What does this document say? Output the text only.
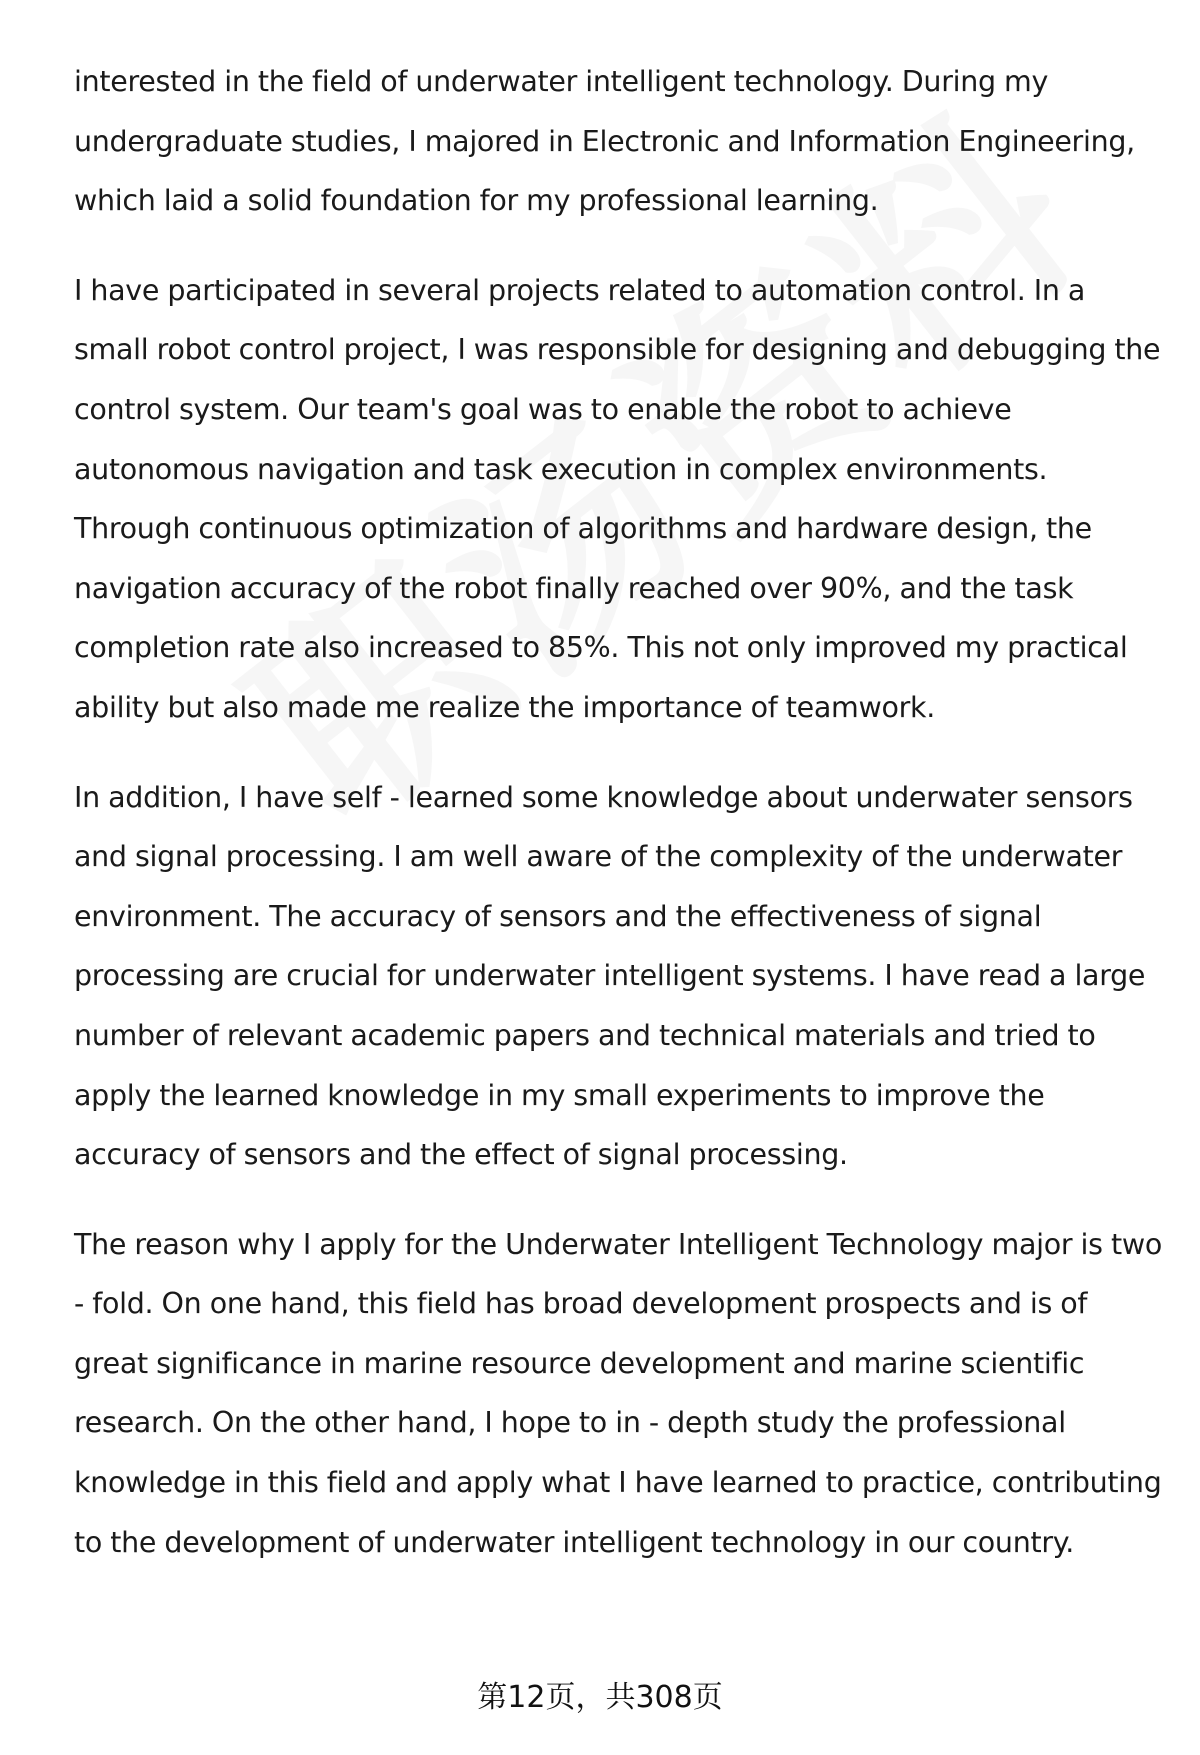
interested in the field of underwater intelligent technology. During my undergraduate studies, I majored in Electronic and Information Engineering, which laid a solid foundation for my professional learning.

I have participated in several projects related to automation control. In a small robot control project, I was responsible for designing and debugging the control system. Our team's goal was to enable the robot to achieve autonomous navigation and task execution in complex environments. Through continuous optimization of algorithms and hardware design, the navigation accuracy of the robot finally reached over 90%, and the task completion rate also increased to 85%. This not only improved my practical ability but also made me realize the importance of teamwork.

In addition, I have self - learned some knowledge about underwater sensors and signal processing. I am well aware of the complexity of the underwater environment. The accuracy of sensors and the effectiveness of signal processing are crucial for underwater intelligent systems. I have read a large number of relevant academic papers and technical materials and tried to apply the learned knowledge in my small experiments to improve the accuracy of sensors and the effect of signal processing.

The reason why I apply for the Underwater Intelligent Technology major is two - fold. On one hand, this field has broad development prospects and is of great significance in marine resource development and marine scientific research. On the other hand, I hope to in - depth study the professional knowledge in this field and apply what I have learned to practice, contributing to the development of underwater intelligent technology in our country.

第12页，共308页
